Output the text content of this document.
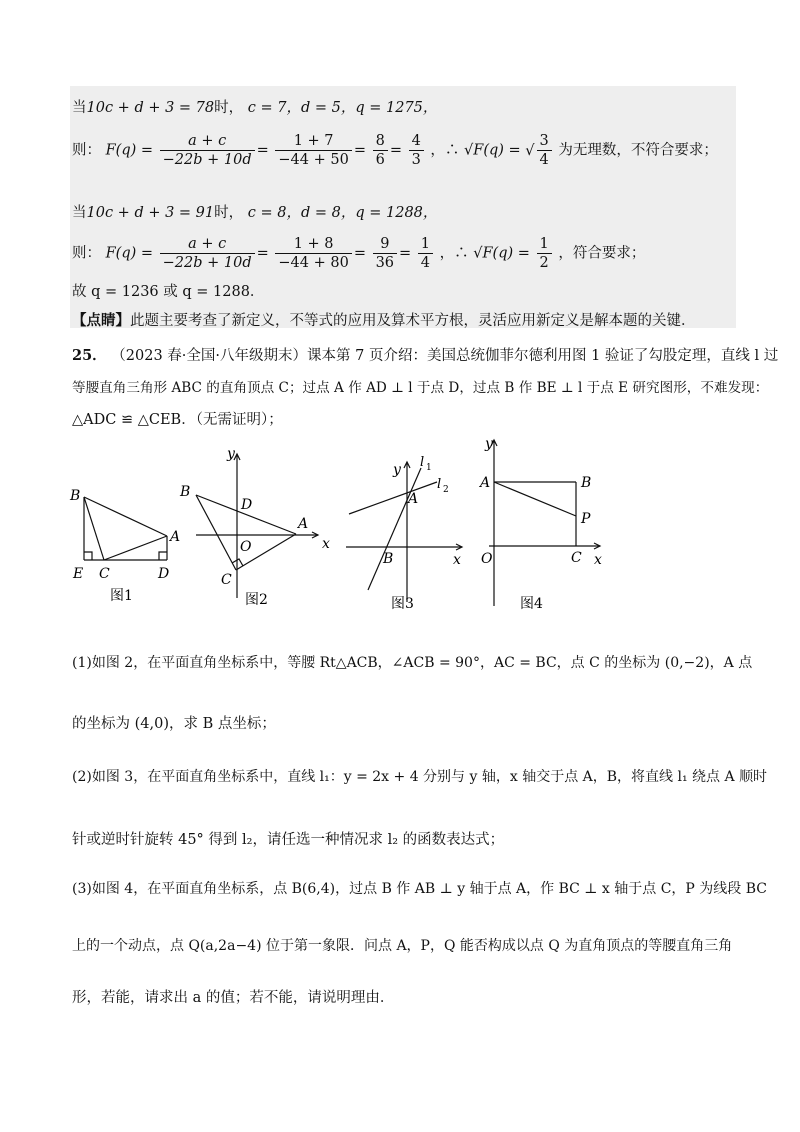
当10c + d + 3 = 78时， c = 7，d = 5，q = 1275，
则： $F(q) = \frac{a + c}{-22b + 10d} = \frac{1 + 7}{-44 + 50} = \frac{8}{6} = \frac{4}{3}$ ，∴ √F(q) = √ $\frac{3}{4}$ 为无理数，不符合要求；
当10c + d + 3 = 91时， c = 8，d = 8，q = 1288，
则： $F(q) = \frac{a + c}{-22b + 10d} = \frac{1 + 8}{-44 + 80} = \frac{9}{36} = \frac{1}{4}$ ，∴ $√F(q) = \frac{1}{2}$ ，符合要求；
故 q = 1236 或 q = 1288．
【点睛】此题主要考查了新定义，不等式的应用及算术平方根，灵活应用新定义是解本题的关键．
25． （2023 春·全国·八年级期末）课本第 7 页介绍：美国总统伽菲尔德利用图 1 验证了勾股定理，直线 l 过
等腰直角三角形 ABC 的直角顶点 C；过点 A 作 AD ⊥ l 于点 D，过点 B 作 BE ⊥ l 于点 E 研究图形，不难发现：
△ADC ≌ △CEB．（无需证明）；
B
A
E C	D
图1
y
B
D
A
O	x
C
图2
y l 1
l 2
A
B	x
图3
y
A	B
P
O	C x
图4
(1)如图 2，在平面直角坐标系中，等腰 Rt△ACB，∠ACB = 90°，AC = BC，点 C 的坐标为 (0,−2)，A 点
的坐标为 (4,0)，求 B 点坐标；
(2)如图 3，在平面直角坐标系中，直线 l₁：y = 2x + 4 分别与 y 轴，x 轴交于点 A，B，将直线 l₁ 绕点 A 顺时
针或逆时针旋转 45° 得到 l₂，请任选一种情况求 l₂ 的函数表达式；
(3)如图 4，在平面直角坐标系，点 B(6,4)，过点 B 作 AB ⊥ y 轴于点 A，作 BC ⊥ x 轴于点 C，P 为线段 BC
上的一个动点，点 Q(a,2a−4) 位于第一象限．问点 A，P，Q 能否构成以点 Q 为直角顶点的等腰直角三角
形，若能，请求出 a 的值；若不能，请说明理由．
